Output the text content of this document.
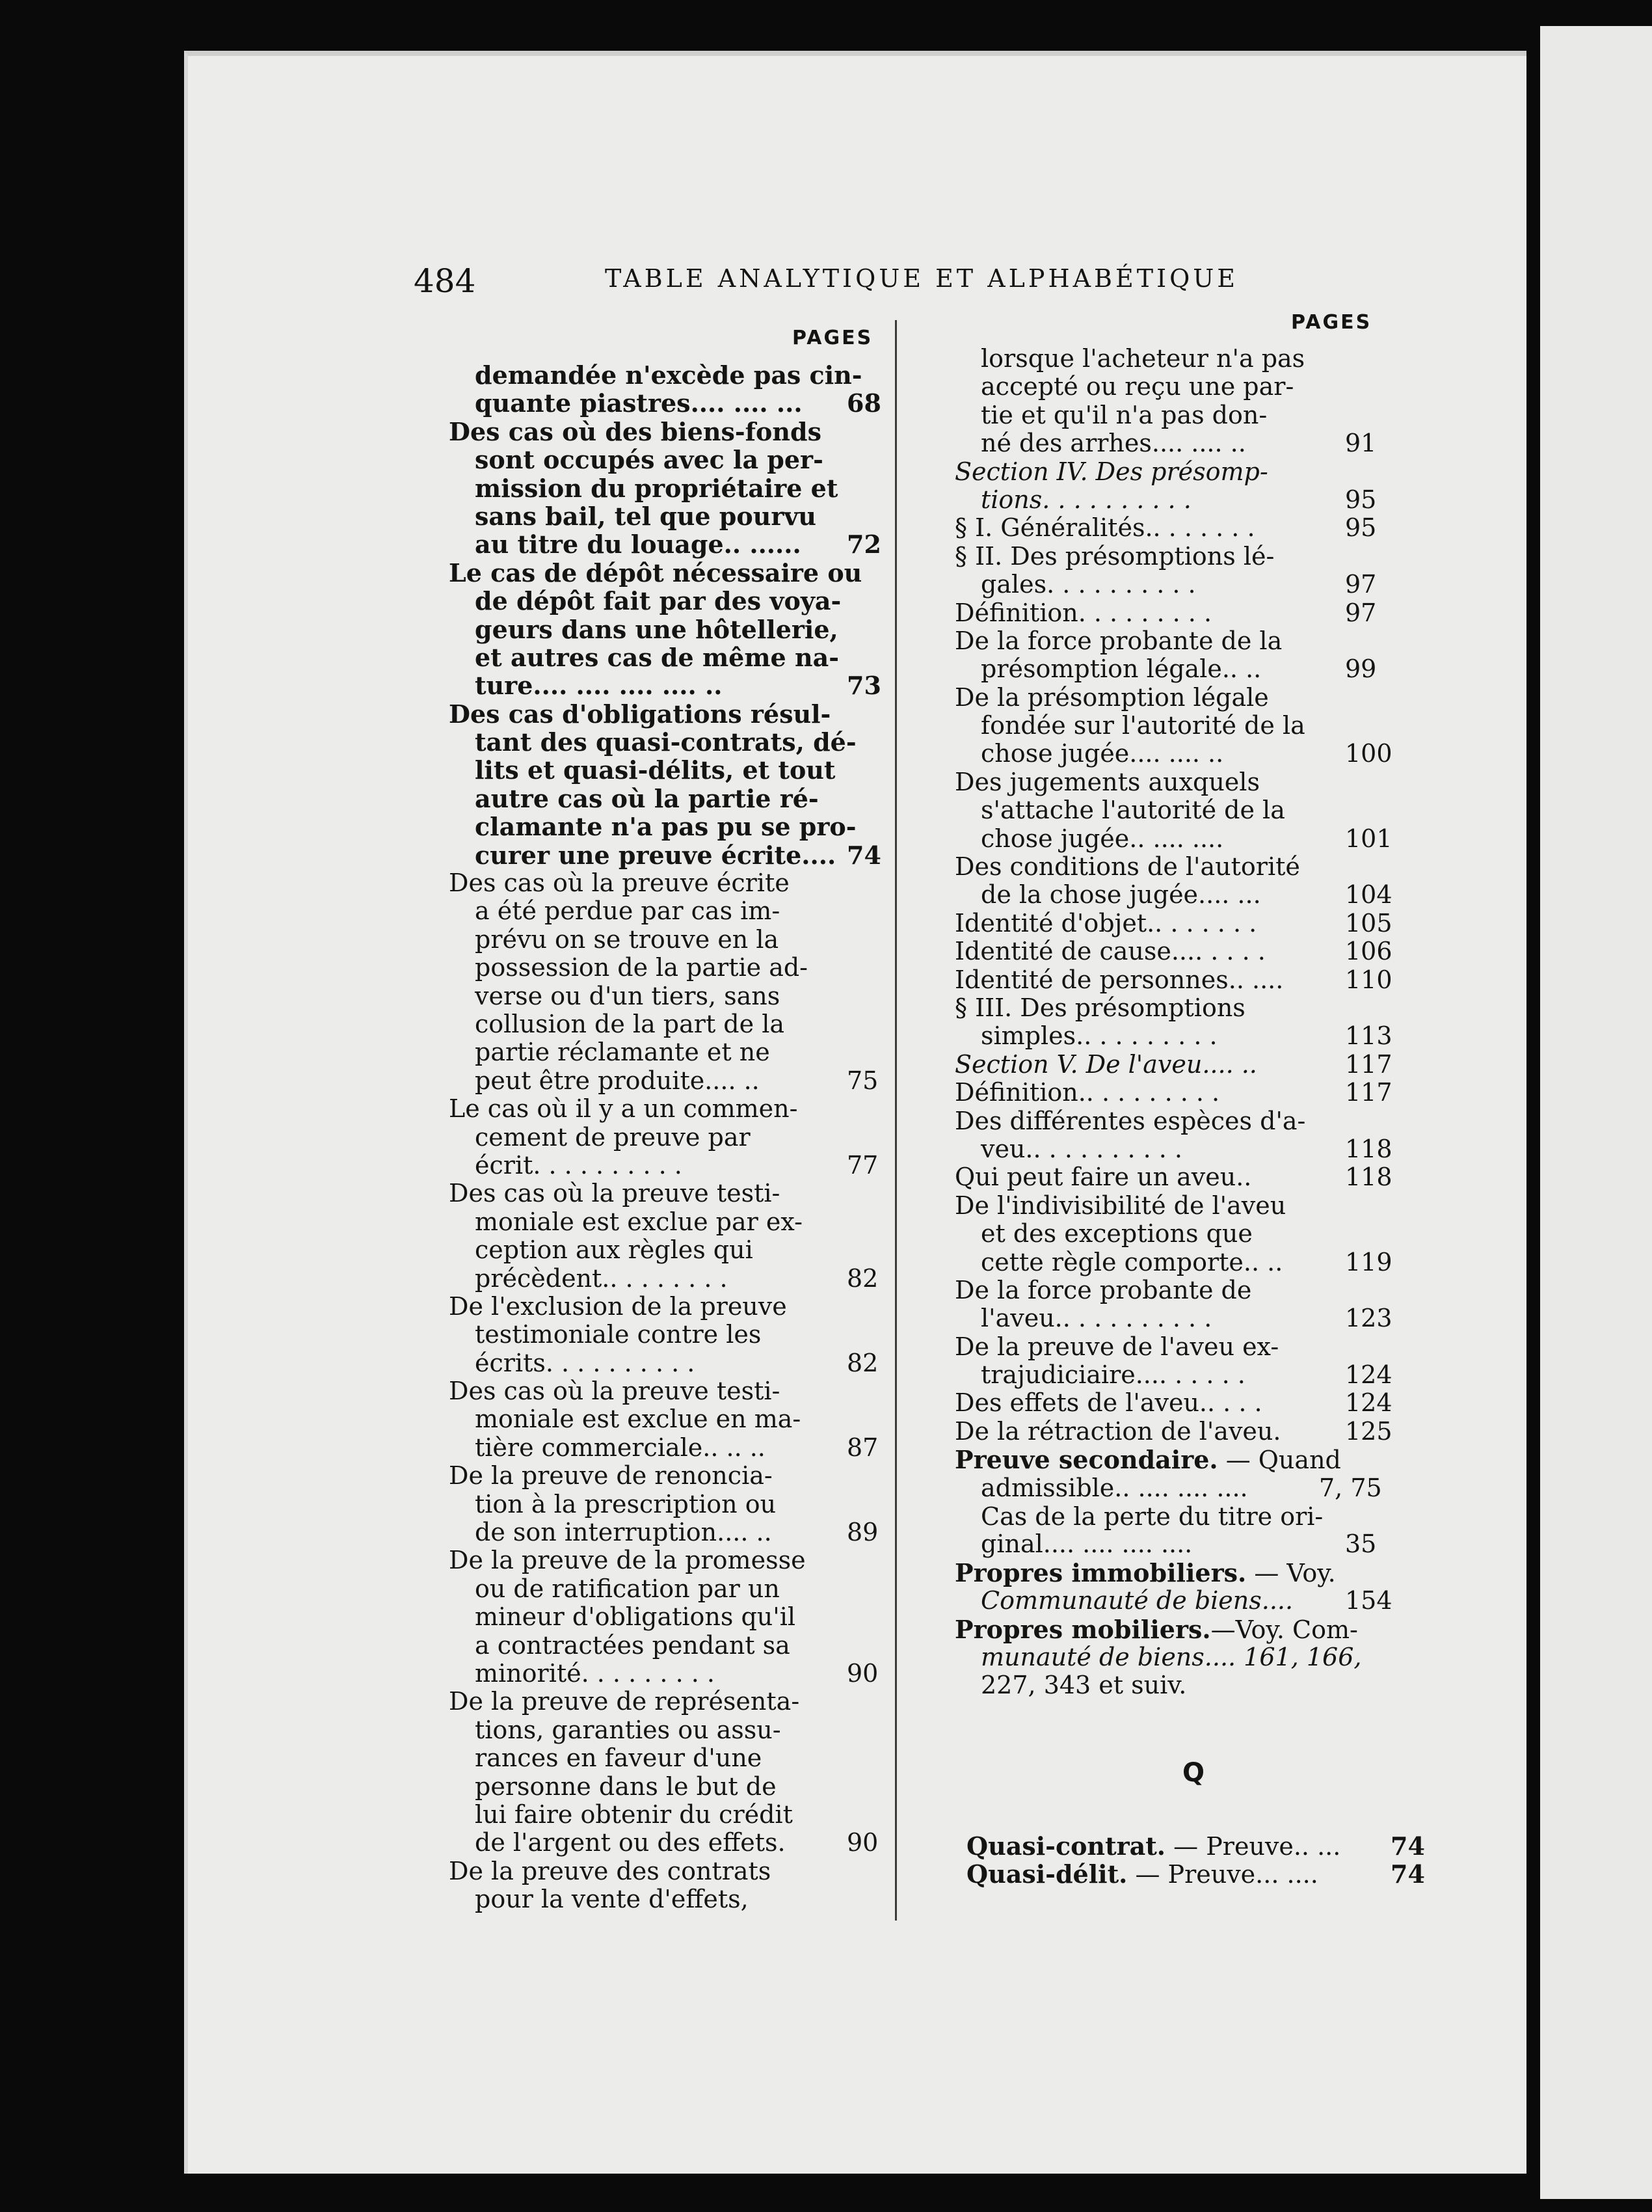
484	TABLE ANALYTIQUE ET ALPHABÉTIQUE
PAGES
PAGES
demandée n'excède pas cin-
quante piastres.... .... ... 68
Des cas où des biens-fonds
sont occupés avec la per-
mission du propriétaire et
sans bail, tel que pourvu
au titre du louage.. ...... 72
Le cas de dépôt nécessaire ou
de dépôt fait par des voya-
geurs dans une hôtellerie,
et autres cas de même na-
ture.... .... .... .... ..	73
Des cas d'obligations résul-
tant des quasi-contrats, dé-
lits et quasi-délits, et tout
autre cas où la partie ré-
clamante n'a pas pu se pro-
curer une preuve écrite.... 74
Des cas où la preuve écrite
a été perdue par cas im-
prévu on se trouve en la
possession de la partie ad-
verse ou d'un tiers, sans
collusion de la part de la
partie réclamante et ne
peut être produite.... ..	75
Le cas où il y a un commen-
cement de preuve par
écrit. . . . . . . . . .	77
Des cas où la preuve testi-
moniale est exclue par ex-
ception aux règles qui
précèdent.. . . . . . . .	82
De l'exclusion de la preuve
testimoniale contre les
écrits. . . . . . . . . .	82
Des cas où la preuve testi-
moniale est exclue en ma-
tière commerciale.. .. ..	87
De la preuve de renoncia-
tion à la prescription ou
de son interruption.... ..	89
De la preuve de la promesse
ou de ratification par un
mineur d'obligations qu'il
a contractées pendant sa
minorité. . . . . . . . .	90
De la preuve de représenta-
tions, garanties ou assu-
rances en faveur d'une
personne dans le but de
lui faire obtenir du crédit
de l'argent ou des effets. 90
De la preuve des contrats
pour la vente d'effets,
lorsque l'acheteur n'a pas
accepté ou reçu une par-
tie et qu'il n'a pas don-
né des arrhes.... .... ..	91
Section IV. Des présomp-
tions. . . . . . . . . .	95
§ I. Généralités.. . . . . . .	95
§ II. Des présomptions lé-
gales. . . . . . . . . .	97
Définition. . . . . . . . .	97
De la force probante de la
présomption légale.. ..	99
De la présomption légale
fondée sur l'autorité de la
chose jugée.... .... ..	100
Des jugements auxquels
s'attache l'autorité de la
chose jugée.. .... ....	101
Des conditions de l'autorité
de la chose jugée.... ...	104
Identité d'objet.. . . . . . .	105
Identité de cause.... . . . .	106
Identité de personnes.. .... 110
§ III. Des présomptions
simples.. . . . . . . . .	113
Section V. De l'aveu.... ..	117
Définition.. . . . . . . . .	117
Des différentes espèces d'a-
veu.. . . . . . . . . .	118
Qui peut faire un aveu..	118
De l'indivisibilité de l'aveu
et des exceptions que
cette règle comporte.. ..	119
De la force probante de
l'aveu.. . . . . . . . . .	123
De la preuve de l'aveu ex-
trajudiciaire.... . . . . .	124
Des effets de l'aveu.. . . .	124
De la rétraction de l'aveu.	125
Preuve secondaire. — Quand
admissible.. .... .... ....	7, 75
Cas de la perte du titre ori-
ginal.... .... .... ....	35
Propres immobiliers. — Voy.
Communauté de biens.... 154
Propres mobiliers.—Voy. Com-
munauté de biens.... 161, 166,
227, 343 et suiv.
Q
Quasi-contrat. — Preuve.. ... 74
Quasi-délit. — Preuve... ....	74
